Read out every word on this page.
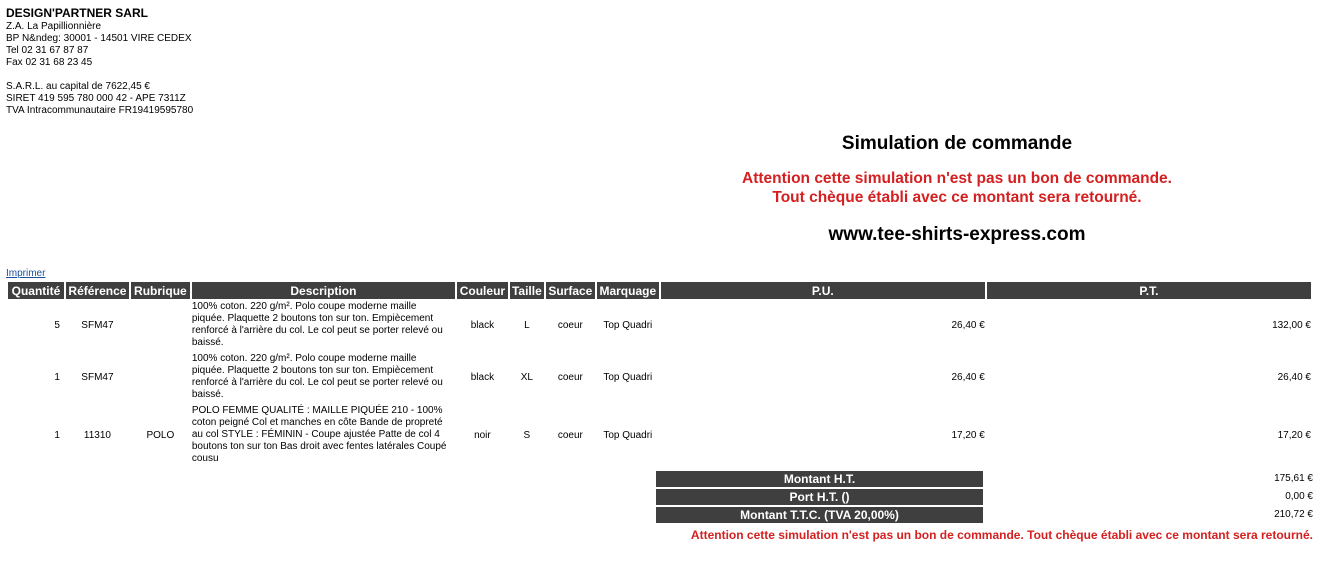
DESIGN'PARTNER SARL
Z.A. La Papillionnière
BP N&ndeg: 30001 - 14501 VIRE CEDEX
Tel 02 31 67 87 87
Fax 02 31 68 23 45
S.A.R.L. au capital de 7622,45 €
SIRET 419 595 780 000 42 - APE 7311Z
TVA Intracommunautaire FR19419595780
Simulation de commande
Attention cette simulation n'est pas un bon de commande.
Tout chèque établi avec ce montant sera retourné.
www.tee-shirts-express.com
Imprimer
Quantité	Référence	Rubrique	Description	Couleur	Taille	Surface	Marquage	P.U.	P.T.
5	SFM47		100% coton. 220 g/m². Polo coupe moderne maille piquée. Plaquette 2 boutons ton sur ton. Empiècement renforcé à l'arrière du col. Le col peut se porter relevé ou baissé.	black	L	coeur	Top Quadri	26,40 €	132,00 €
1	SFM47		100% coton. 220 g/m². Polo coupe moderne maille piquée. Plaquette 2 boutons ton sur ton. Empiècement renforcé à l'arrière du col. Le col peut se porter relevé ou baissé.	black	XL	coeur	Top Quadri	26,40 €	26,40 €
1	11310	POLO	POLO FEMME QUALITÉ : MAILLE PIQUÉE 210 - 100% coton peigné Col et manches en côte Bande de propreté au col STYLE : FÉMININ - Coupe ajustée Patte de col 4 boutons ton sur ton Bas droit avec fentes latérales Coupé cousu	noir	S	coeur	Top Quadri	17,20 €	17,20 €
Montant H.T.	175,61 €
Port H.T. ()	0,00 €
Montant T.T.C. (TVA 20,00%)	210,72 €
Attention cette simulation n'est pas un bon de commande. Tout chèque établi avec ce montant sera retourné.
